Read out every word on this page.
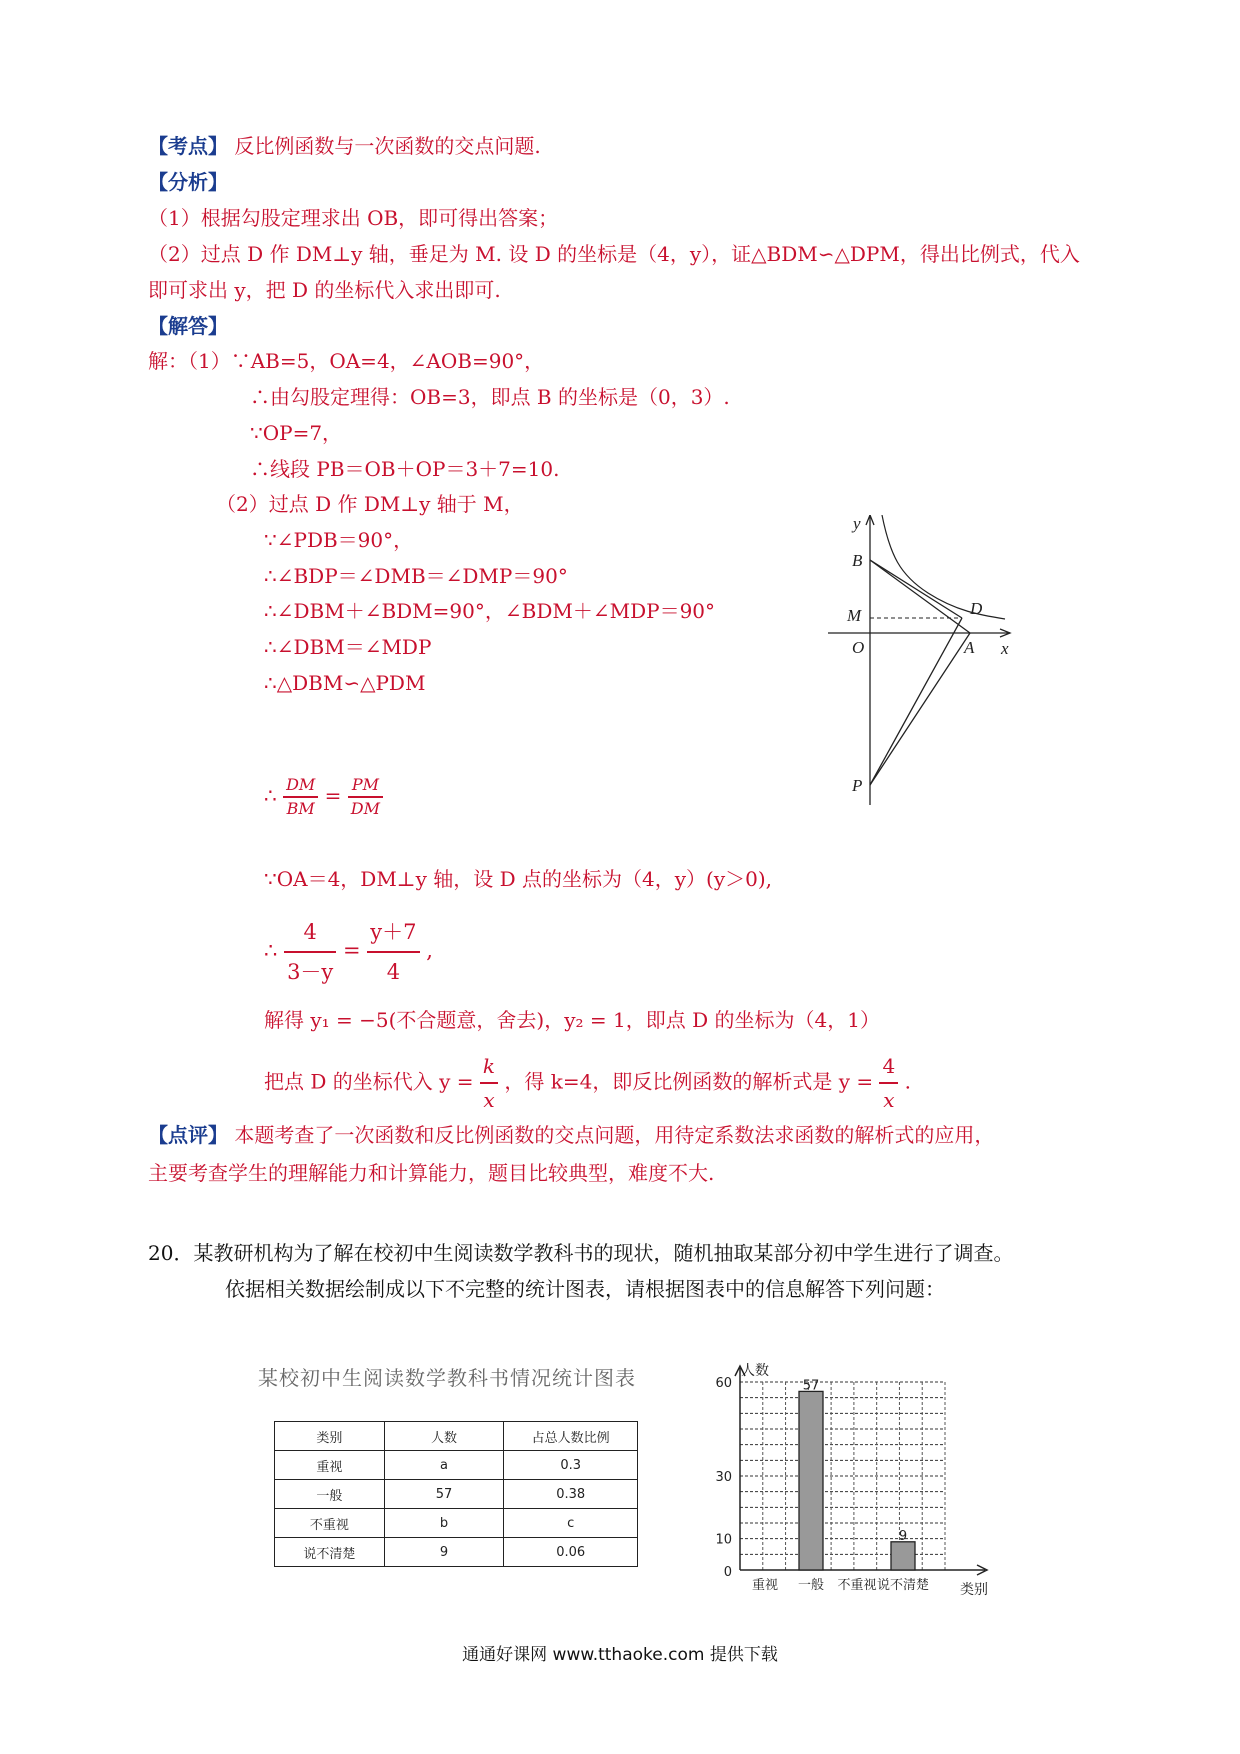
【考点】 反比例函数与一次函数的交点问题.
【分析】
（1）根据勾股定理求出 OB，即可得出答案；
（2）过点 D 作 DM⊥y 轴，垂足为 M. 设 D 的坐标是（4，y），证△BDM∽△DPM，得出比例式，代入
即可求出 y，把 D 的坐标代入求出即可.
【解答】
解：（1）∵AB=5，OA=4，∠AOB=90°，
∴由勾股定理得：OB=3，即点 B 的坐标是（0，3）.
∵OP=7，
∴线段 PB＝OB＋OP＝3＋7=10.
（2）过点 D 作 DM⊥y 轴于 M，
∵∠PDB＝90°，
∴∠BDP＝∠DMB＝∠DMP＝90°
∴∠DBM＋∠BDM=90°，∠BDM＋∠MDP＝90°
∴∠DBM＝∠MDP
∴△DBM∽△PDM
∴ $\frac{DM}{BM} = \frac{PM}{DM}$
∵OA＝4，DM⊥y 轴，设 D 点的坐标为（4，y）(y＞0),
∴ $\frac{4}{3-y} = \frac{y+7}{4}$ ,
解得 y₁ = −5(不合题意，舍去)，y₂ = 1，即点 D 的坐标为（4，1）
把点 D 的坐标代入 $y = \frac{k}{x}$ ，得 k=4，即反比例函数的解析式是 $y = \frac{4}{x}$ .
【点评】 本题考查了一次函数和反比例函数的交点问题，用待定系数法求函数的解析式的应用，
主要考查学生的理解能力和计算能力，题目比较典型，难度不大.
20．某教研机构为了解在校初中生阅读数学教科书的现状，随机抽取某部分初中学生进行了调查。
依据相关数据绘制成以下不完整的统计图表，请根据图表中的信息解答下列问题：
y
x
B
M
O	A
D
P
某校初中生阅读数学教科书情况统计图表
类别	人数	占总人数比例
重视	a	0.3
一般	57	0.38
不重视	b	c
说不清楚	9	0.06
人数
类别
0
10
30
60
重视 一般
57
不重视 说不清楚
9
通通好课网 www.tthaoke.com 提供下载
